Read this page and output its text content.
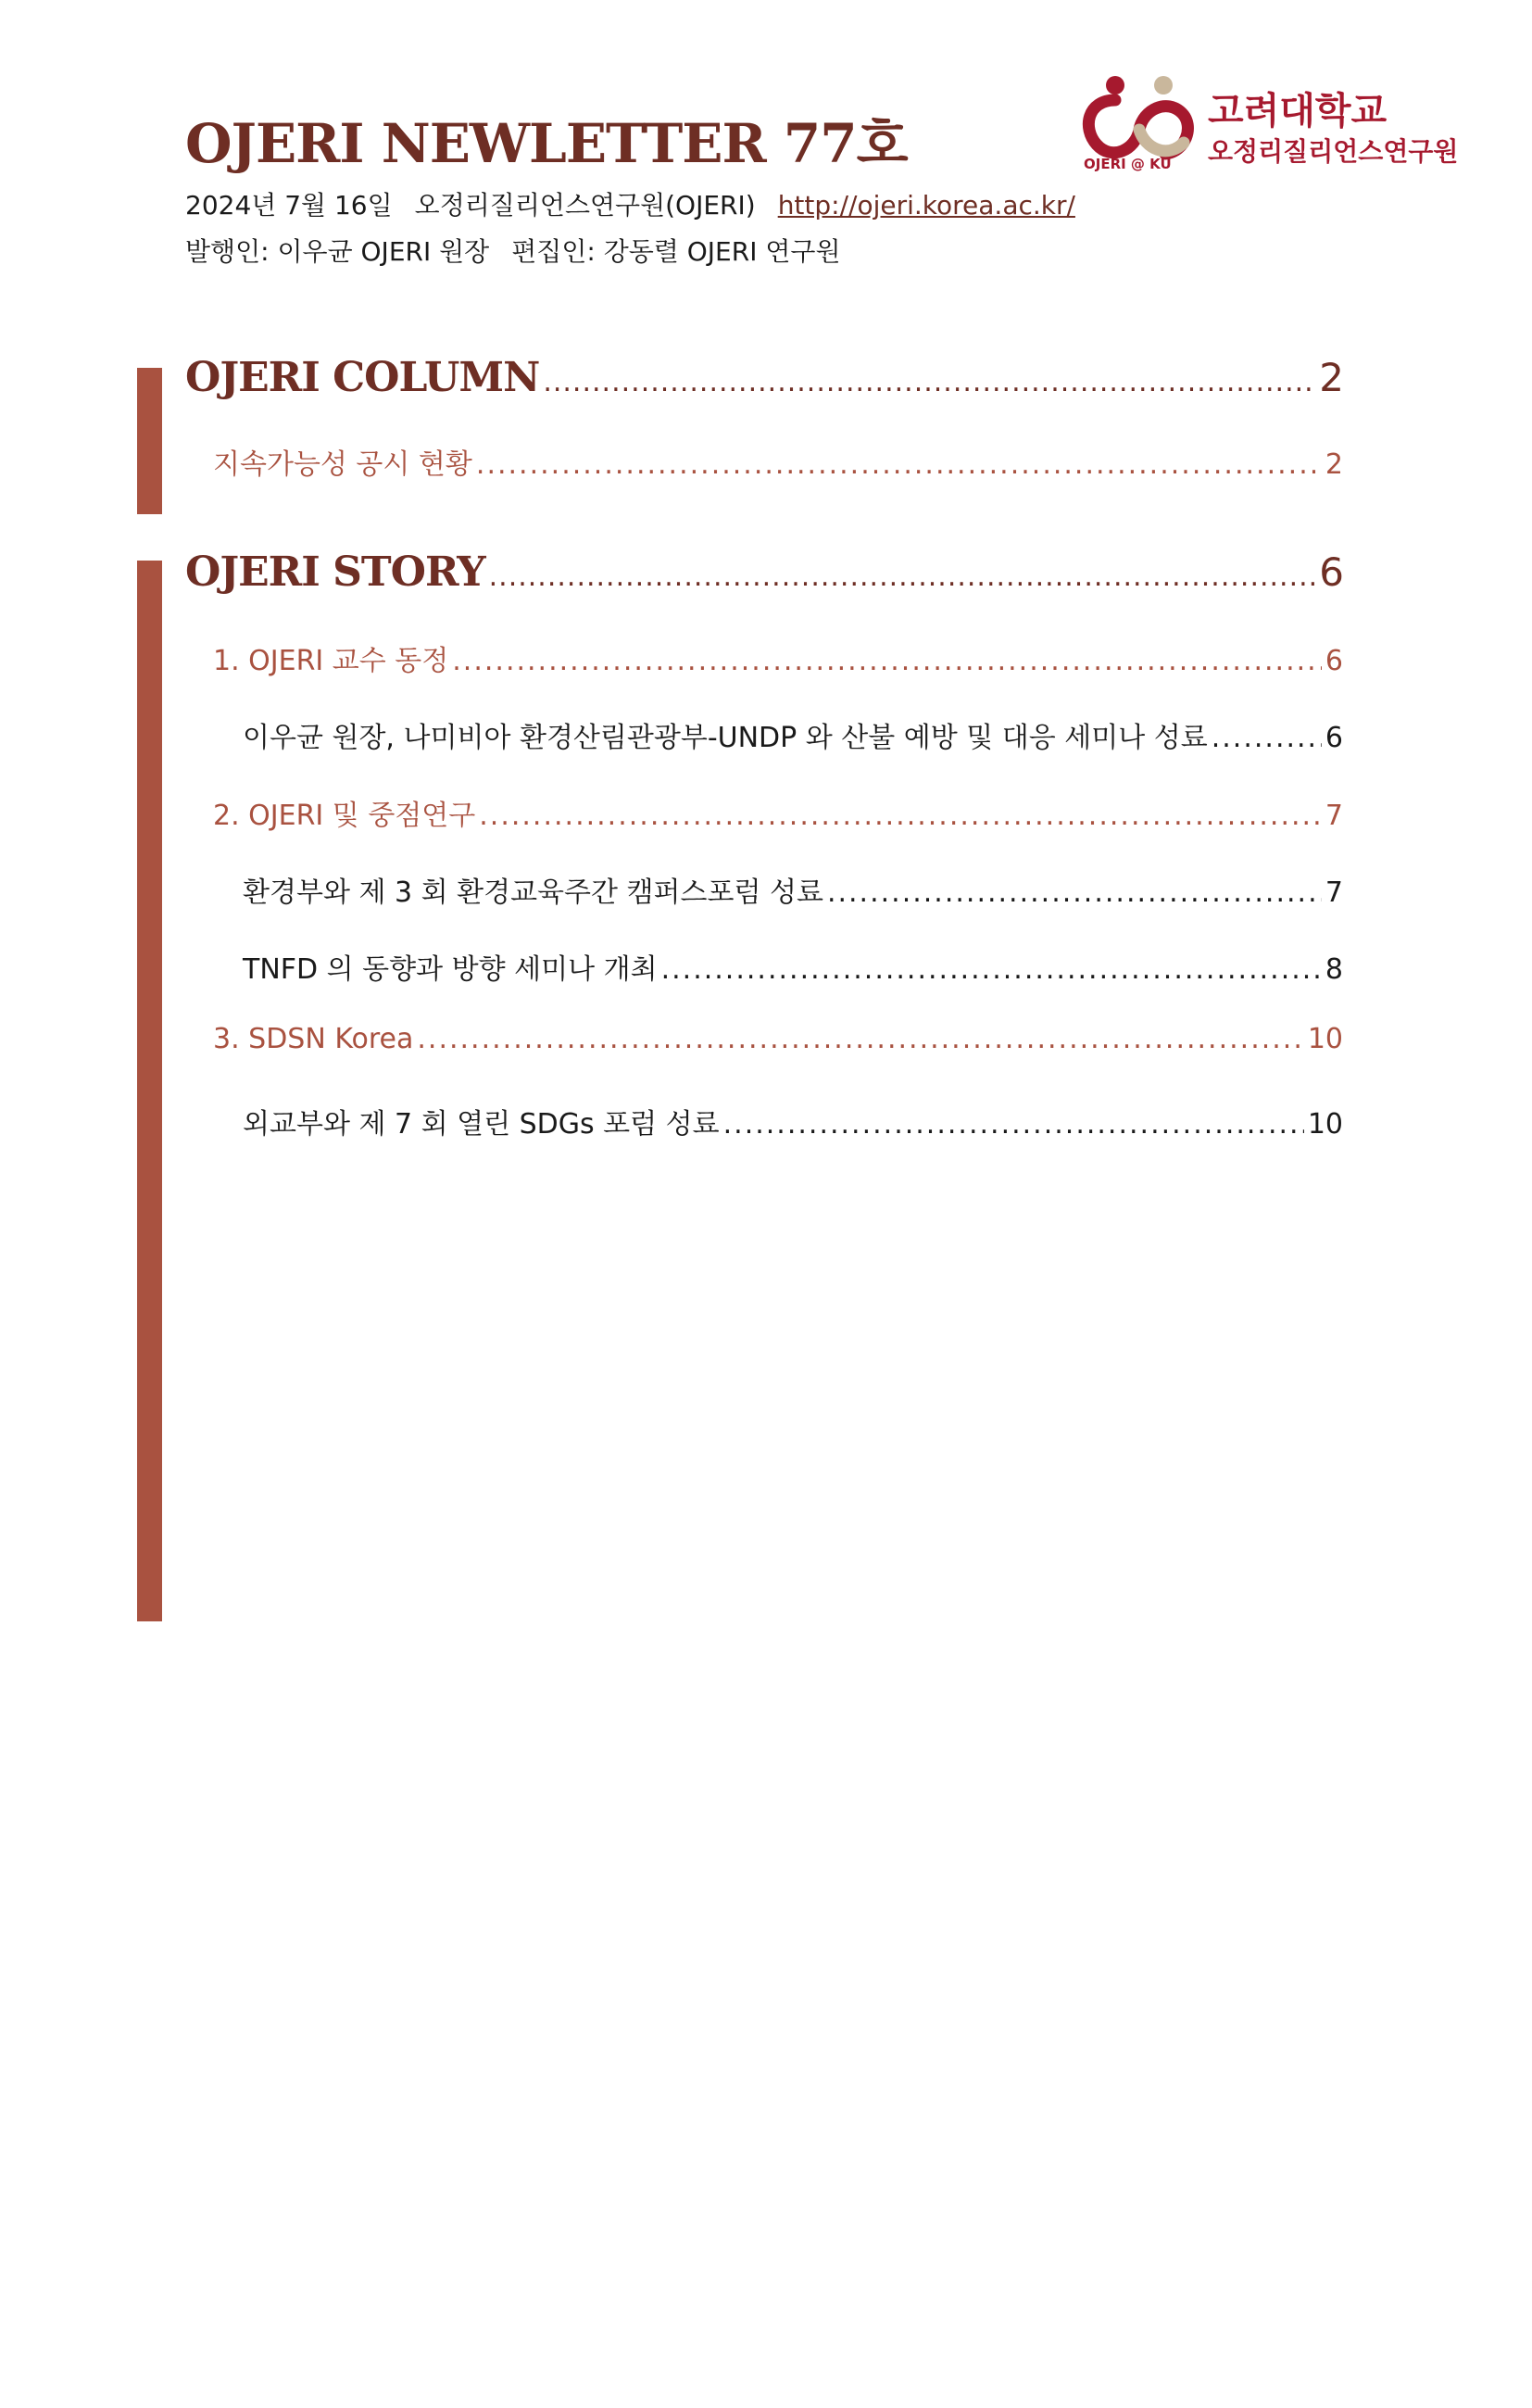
OJERI NEWLETTER 77호
2024년 7월 16일 오정리질리언스연구원(OJERI) http://ojeri.korea.ac.kr/
발행인: 이우균 OJERI 원장 편집인: 강동렬 OJERI 연구원
OJERI @ KU
고려대학교
오정리질리언스연구원
OJERI COLUMN .....	2
지속가능성 공시 현황 .....	2
OJERI STORY .....	6
1. OJERI 교수 동정 .....	6
이우균 원장, 나미비아 환경산림관광부-UNDP 와 산불 예방 및 대응 세미나 성료 .....	6
2. OJERI 및 중점연구 .....	7
환경부와 제 3 회 환경교육주간 캠퍼스포럼 성료 .....	7
TNFD 의 동향과 방향 세미나 개최 .....	8
3. SDSN Korea .....	10
외교부와 제 7 회 열린 SDGs 포럼 성료 .....	10
